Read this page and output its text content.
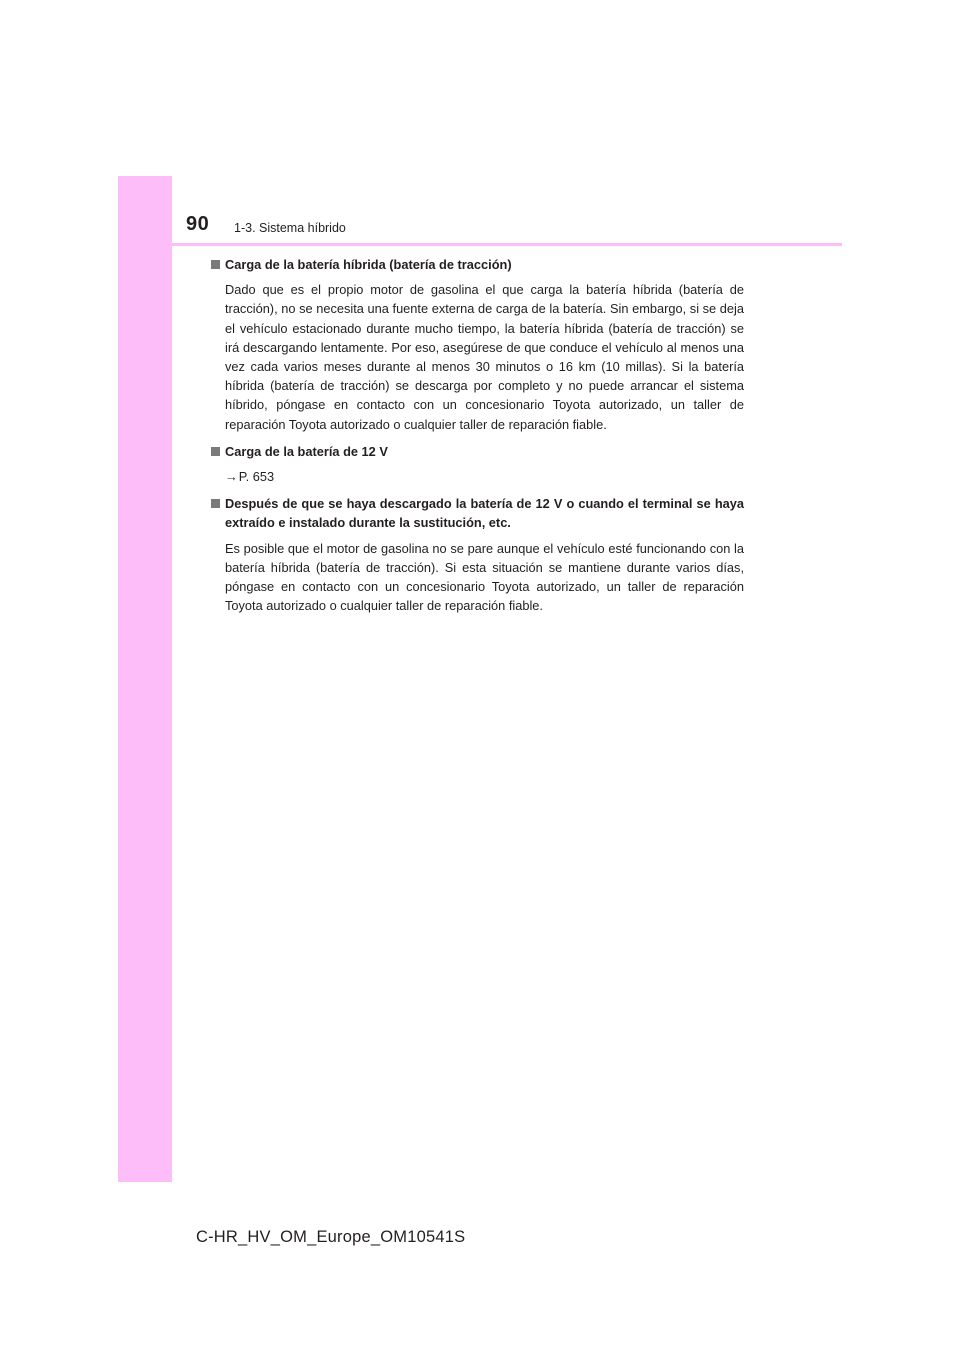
90 1-3. Sistema híbrido

Carga de la batería híbrida (batería de tracción)

Dado que es el propio motor de gasolina el que carga la batería híbrida (batería de tracción), no se necesita una fuente externa de carga de la batería. Sin embargo, si se deja el vehículo estacionado durante mucho tiempo, la batería híbrida (batería de tracción) se irá descargando lentamente. Por eso, asegúrese de que conduce el vehículo al menos una vez cada varios meses durante al menos 30 minutos o 16 km (10 millas). Si la batería híbrida (batería de tracción) se descarga por completo y no puede arrancar el sistema híbrido, póngase en contacto con un concesionario Toyota autorizado, un taller de reparación Toyota autorizado o cualquier taller de reparación fiable.

Carga de la batería de 12 V

→P. 653

Después de que se haya descargado la batería de 12 V o cuando el terminal se haya extraído e instalado durante la sustitución, etc.

Es posible que el motor de gasolina no se pare aunque el vehículo esté funcionando con la batería híbrida (batería de tracción). Si esta situación se mantiene durante varios días, póngase en contacto con un concesionario Toyota autorizado, un taller de reparación Toyota autorizado o cualquier taller de reparación fiable.

C-HR_HV_OM_Europe_OM10541S
